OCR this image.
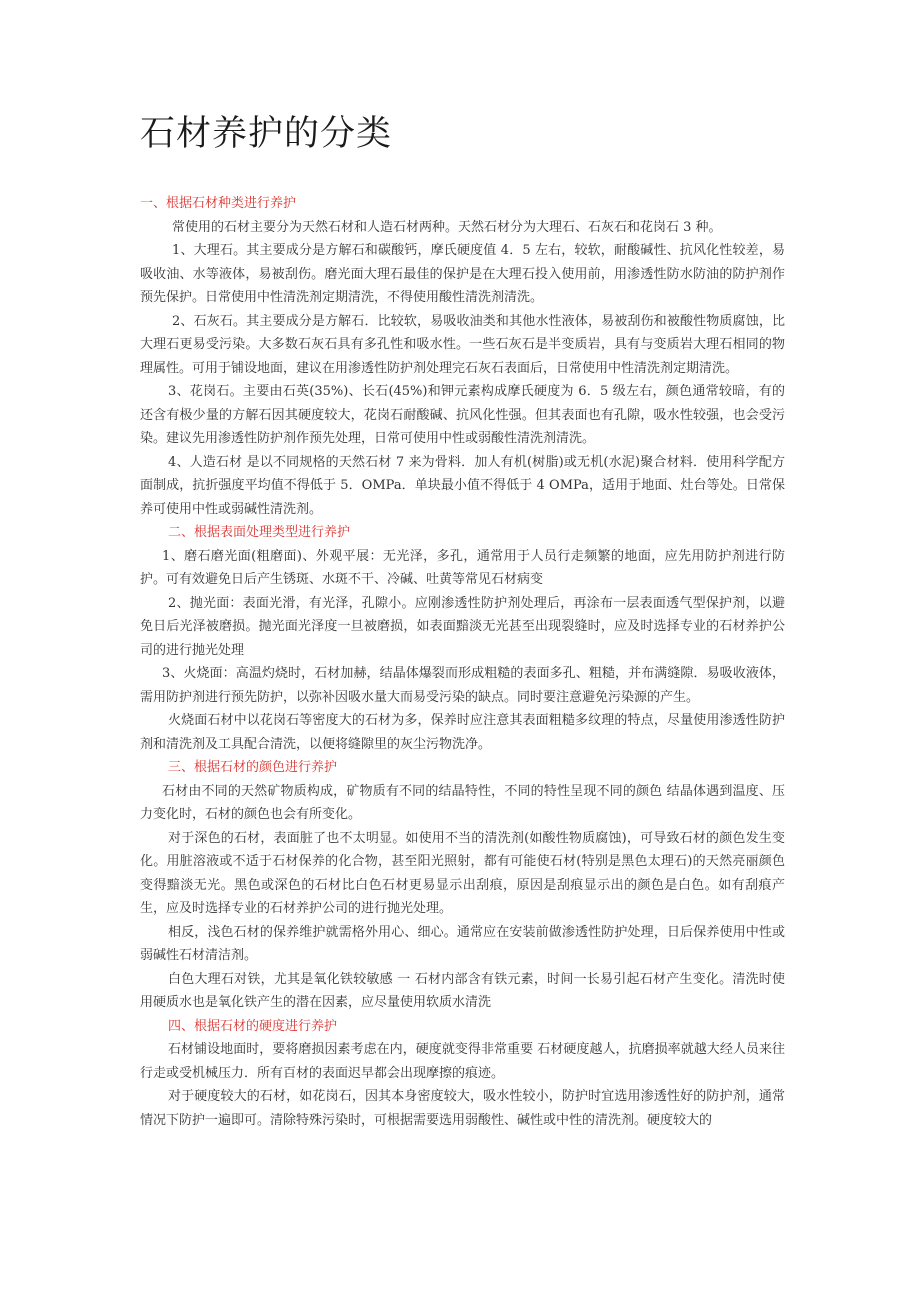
石材养护的分类

一、根据石材种类进行养护

常使用的石材主要分为天然石材和人造石材两种。天然石材分为大理石、石灰石和花岗石 3 种。

1、大理石。其主要成分是方解石和碳酸钙，摩氏硬度值 4．5 左右，较软，耐酸碱性、抗风化性较差，易吸收油、水等液体，易被刮伤。磨光面大理石最佳的保护是在大理石投入使用前，用渗透性防水防油的防护剂作预先保护。日常使用中性清洗剂定期清洗，不得使用酸性清洗剂清洗。

2、石灰石。其主要成分是方解石．比较软，易吸收油类和其他水性液体，易被刮伤和被酸性物质腐蚀，比大理石更易受污染。大多数石灰石具有多孔性和吸水性。一些石灰石是半变质岩，具有与变质岩大理石相同的物理属性。可用于铺设地面，建议在用渗透性防护剂处理完石灰石表面后，日常使用中性清洗剂定期清洗。

3、花岗石。主要由石英(35%)、长石(45%)和钾元素构成摩氏硬度为 6．5 级左右，颜色通常较暗，有的还含有极少量的方解石因其硬度较大，花岗石耐酸碱、抗风化性强。但其表面也有孔隙，吸水性较强，也会受污染。建议先用渗透性防护剂作预先处理，日常可使用中性或弱酸性清洗剂清洗。

4、人造石材 是以不同规格的天然石材 7 来为骨料．加人有机(树脂)或无机(水泥)聚合材料．使用科学配方面制成，抗折强度平均值不得低于 5．OMPa．单块最小值不得低于 4 OMPa，适用于地面、灶台等处。日常保养可使用中性或弱碱性清洗剂。

二、根据表面处理类型进行养护

1、磨石磨光面(粗磨面)、外观平展：无光泽，多孔，通常用于人员行走频繁的地面，应先用防护剂进行防护。可有效避免日后产生锈斑、水斑不干、冷碱、吐黄等常见石材病变

2、抛光面：表面光滑，有光泽，孔隙小。应刚渗透性防护剂处理后，再涂布一层表面透气型保护剂，以避免日后光泽被磨损。抛光面光泽度一旦被磨损，如表面黯淡无光甚至出现裂缝时，应及时选择专业的石材养护公司的进行抛光处理

3、火烧面：高温灼烧时，石材加赫，结晶体爆裂而形成粗糙的表面多孔、粗糙，并布满缝隙．易吸收液体，需用防护剂进行预先防护，以弥补因吸水量大而易受污染的缺点。同时要注意避免污染源的产生。

火烧面石材中以花岗石等密度大的石材为多，保养时应注意其表面粗糙多纹理的特点，尽量使用渗透性防护剂和清洗剂及工具配合清洗，以便将缝隙里的灰尘污物洗净。

三、根据石材的颜色进行养护

石材由不同的天然矿物质构成，矿物质有不同的结晶特性，不同的特性呈现不同的颜色 结晶体遇到温度、压力变化时，石材的颜色也会有所变化。

对于深色的石材，表面脏了也不太明显。如使用不当的清洗剂(如酸性物质腐蚀)，可导致石材的颜色发生变化。用脏溶液或不适于石材保养的化合物，甚至阳光照射，都有可能使石材(特别是黑色太理石)的天然亮丽颜色变得黯淡无光。黑色或深色的石材比白色石材更易显示出刮痕，原因是刮痕显示出的颜色是白色。如有刮痕产生，应及时选择专业的石材养护公司的进行抛光处理。

相反，浅色石材的保养维护就需格外用心、细心。通常应在安装前做渗透性防护处理，日后保养使用中性或弱碱性石材清洁剂。

白色大理石对铁，尤其是氧化铁较敏感 一 石材内部含有铁元素，时间一长易引起石材产生变化。清洗时使用硬质水也是氧化铁产生的潜在因素，应尽量使用软质水清洗

四、根据石材的硬度进行养护

石材铺设地面时，要将磨损因素考虑在内，硬度就变得非常重要 石材硬度越人，抗磨损率就越大经人员来往行走或受机械压力．所有百材的表面迟早都会出现摩擦的痕迹。

对于硬度较大的石材，如花岗石，因其本身密度较大，吸水性较小，防护时宜选用渗透性好的防护剂，通常情况下防护一遍即可。清除特殊污染时，可根据需要选用弱酸性、碱性或中性的清洗剂。硬度较大的
